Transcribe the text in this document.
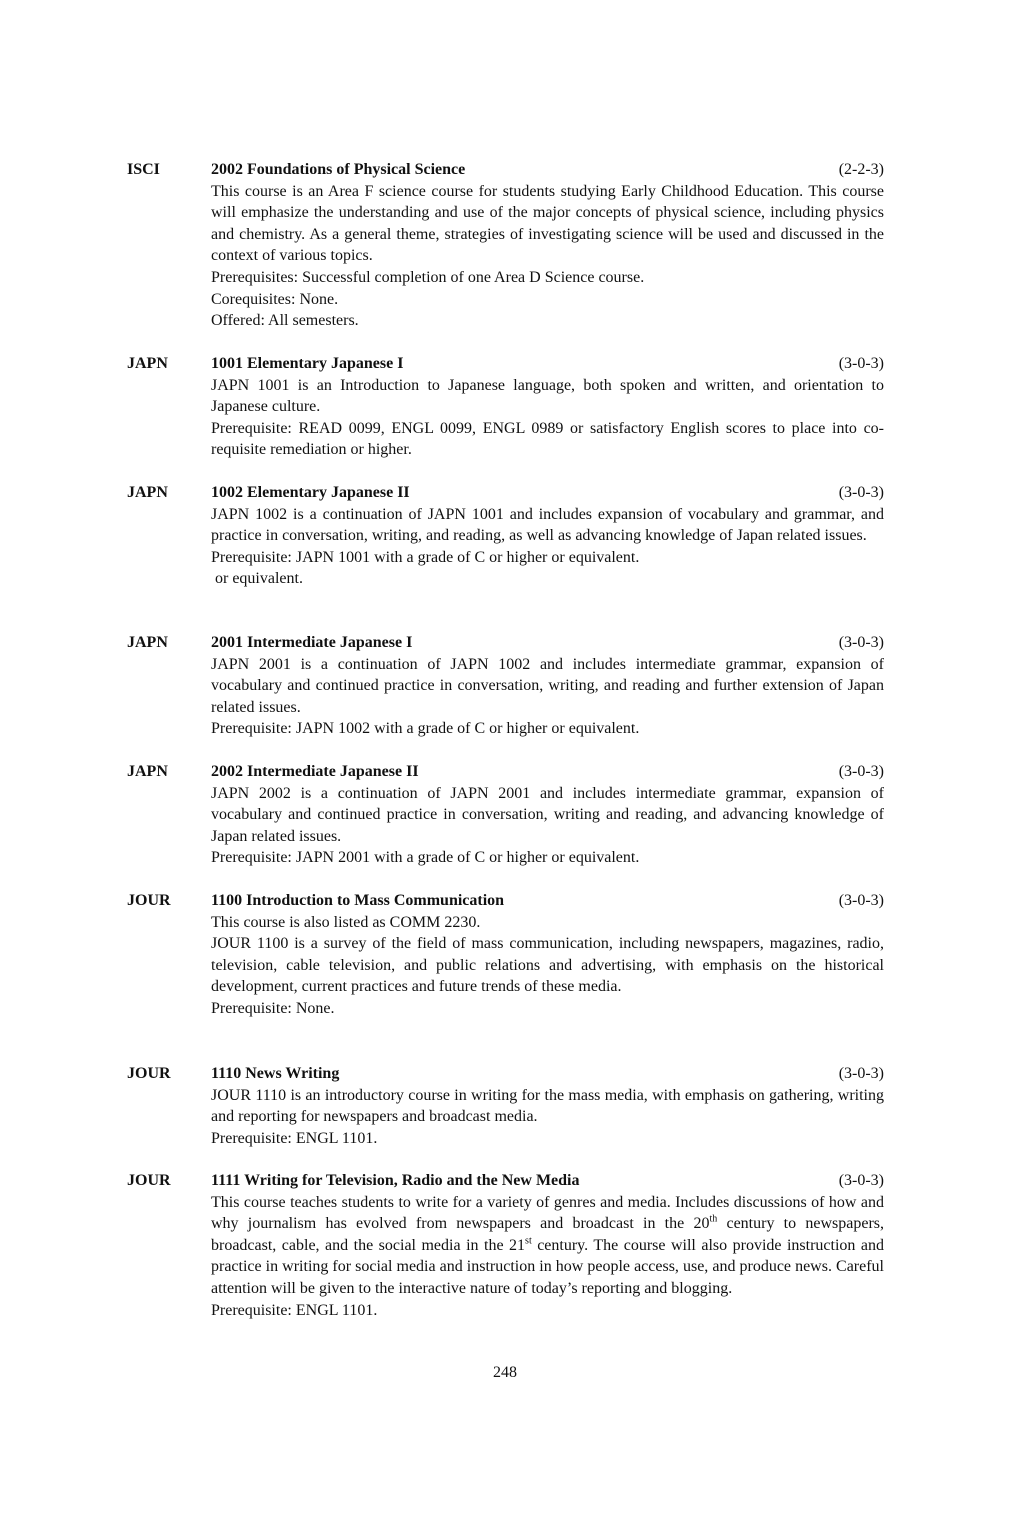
ISCI	2002 Foundations of Physical Science	(2-2-3)

This course is an Area F science course for students studying Early Childhood Education. This course will emphasize the understanding and use of the major concepts of physical science, including physics and chemistry. As a general theme, strategies of investigating science will be used and discussed in the context of various topics.

Prerequisites: Successful completion of one Area D Science course.

Corequisites: None.

Offered: All semesters.

JAPN	1001 Elementary Japanese I	(3-0-3)

JAPN 1001 is an Introduction to Japanese language, both spoken and written, and orientation to Japanese culture.

Prerequisite: READ 0099, ENGL 0099, ENGL 0989 or satisfactory English scores to place into co-requisite remediation or higher.

JAPN	1002 Elementary Japanese II	(3-0-3)

JAPN 1002 is a continuation of JAPN 1001 and includes expansion of vocabulary and grammar, and practice in conversation, writing, and reading, as well as advancing knowledge of Japan related issues.

Prerequisite: JAPN 1001 with a grade of C or higher or equivalent.

or equivalent.

JAPN	2001 Intermediate Japanese I	(3-0-3)

JAPN 2001 is a continuation of JAPN 1002 and includes intermediate grammar, expansion of vocabulary and continued practice in conversation, writing, and reading and further extension of Japan related issues.

Prerequisite: JAPN 1002 with a grade of C or higher or equivalent.

JAPN	2002 Intermediate Japanese II	(3-0-3)

JAPN 2002 is a continuation of JAPN 2001 and includes intermediate grammar, expansion of vocabulary and continued practice in conversation, writing and reading, and advancing knowledge of Japan related issues.

Prerequisite: JAPN 2001 with a grade of C or higher or equivalent.

JOUR	1100 Introduction to Mass Communication	(3-0-3)

This course is also listed as COMM 2230.

JOUR 1100 is a survey of the field of mass communication, including newspapers, magazines, radio, television, cable television, and public relations and advertising, with emphasis on the historical development, current practices and future trends of these media.

Prerequisite: None.

JOUR	1110 News Writing	(3-0-3)

JOUR 1110 is an introductory course in writing for the mass media, with emphasis on gathering, writing and reporting for newspapers and broadcast media.

Prerequisite: ENGL 1101.

JOUR	1111 Writing for Television, Radio and the New Media	(3-0-3)

This course teaches students to write for a variety of genres and media. Includes discussions of how and why journalism has evolved from newspapers and broadcast in the 20th century to newspapers, broadcast, cable, and the social media in the 21st century. The course will also provide instruction and practice in writing for social media and instruction in how people access, use, and produce news. Careful attention will be given to the interactive nature of today’s reporting and blogging.

Prerequisite: ENGL 1101.

248
